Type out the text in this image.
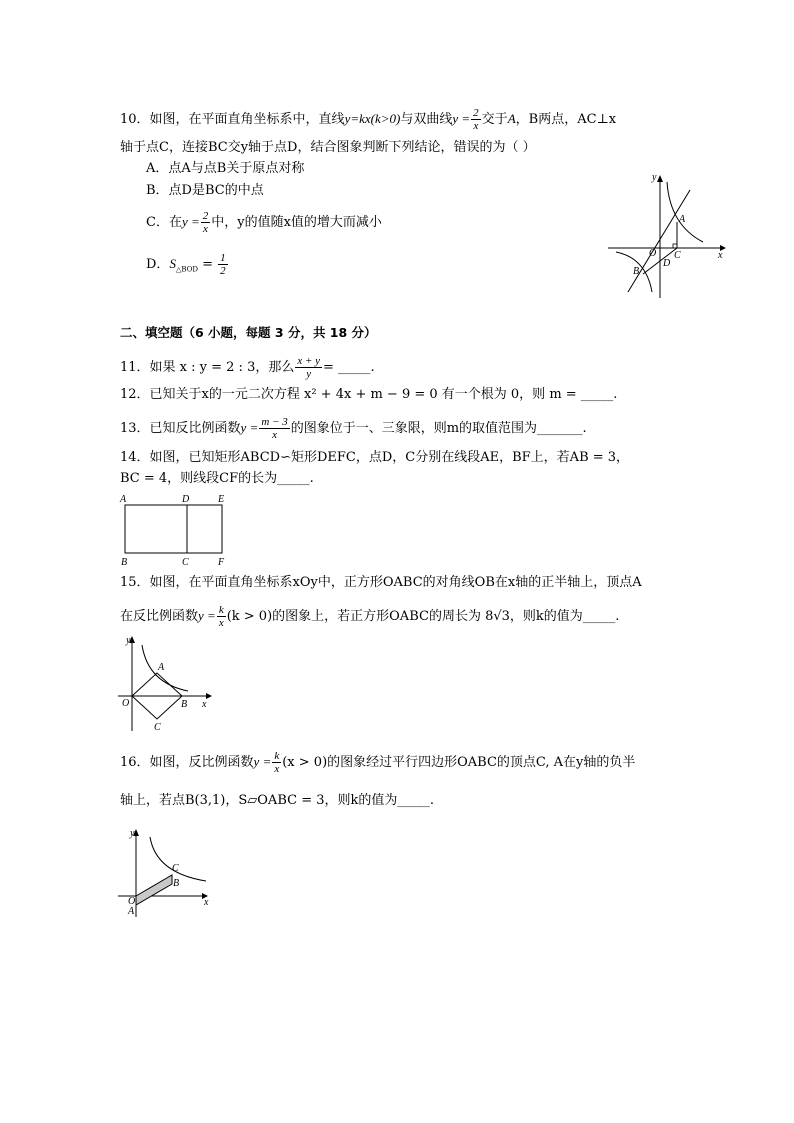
10．如图，在平面直角坐标系中，直线y=kx(k>0)与双曲线$y = \frac{2}{x}$ 交于A，B两点，AC⊥x
轴于点C，连接BC交y轴于点D，结合图象判断下列结论，错误的为（ ）
A．点A与点B关于原点对称
B．点D是BC的中点
C．在$y = \frac{2}{x}$ 中，y的值随x值的增大而减小
D．$S_{\triangle BOD} = \frac{1}{2}$
y
x
A
C
O
D
B
二、填空题（6 小题，每题 3 分，共 18 分）
11．如果 x : y = 2 : 3，那么 $\frac{x + y}{y}$ = _____.
12．已知关于x的一元二次方程 x² + 4x + m − 9 = 0 有一个根为 0，则 m = _____.
13．已知反比例函数$y = \frac{m - 3}{x}$ 的图象位于一、三象限，则m的取值范围为_______.
14．如图，已知矩形ABCD∽矩形DEFC，点D，C分别在线段AE，BF上，若AB = 3，
BC = 4，则线段CF的长为_____.
A	D	E
B	C	F
15．如图，在平面直角坐标系xOy中，正方形OABC的对角线OB在x轴的正半轴上，顶点A
在反比例函数$y = \frac{k}{x} (k > 0)$的图象上，若正方形OABC的周长为 8√3，则k的值为_____.
y
x
A
O	B
C
16．如图，反比例函数$y = \frac{k}{x} (x > 0)$的图象经过平行四边形OABC的顶点C, A在y轴的负半
轴上，若点B(3,1)，S▱OABC = 3，则k的值为_____.
y
x
C
B
O
A
